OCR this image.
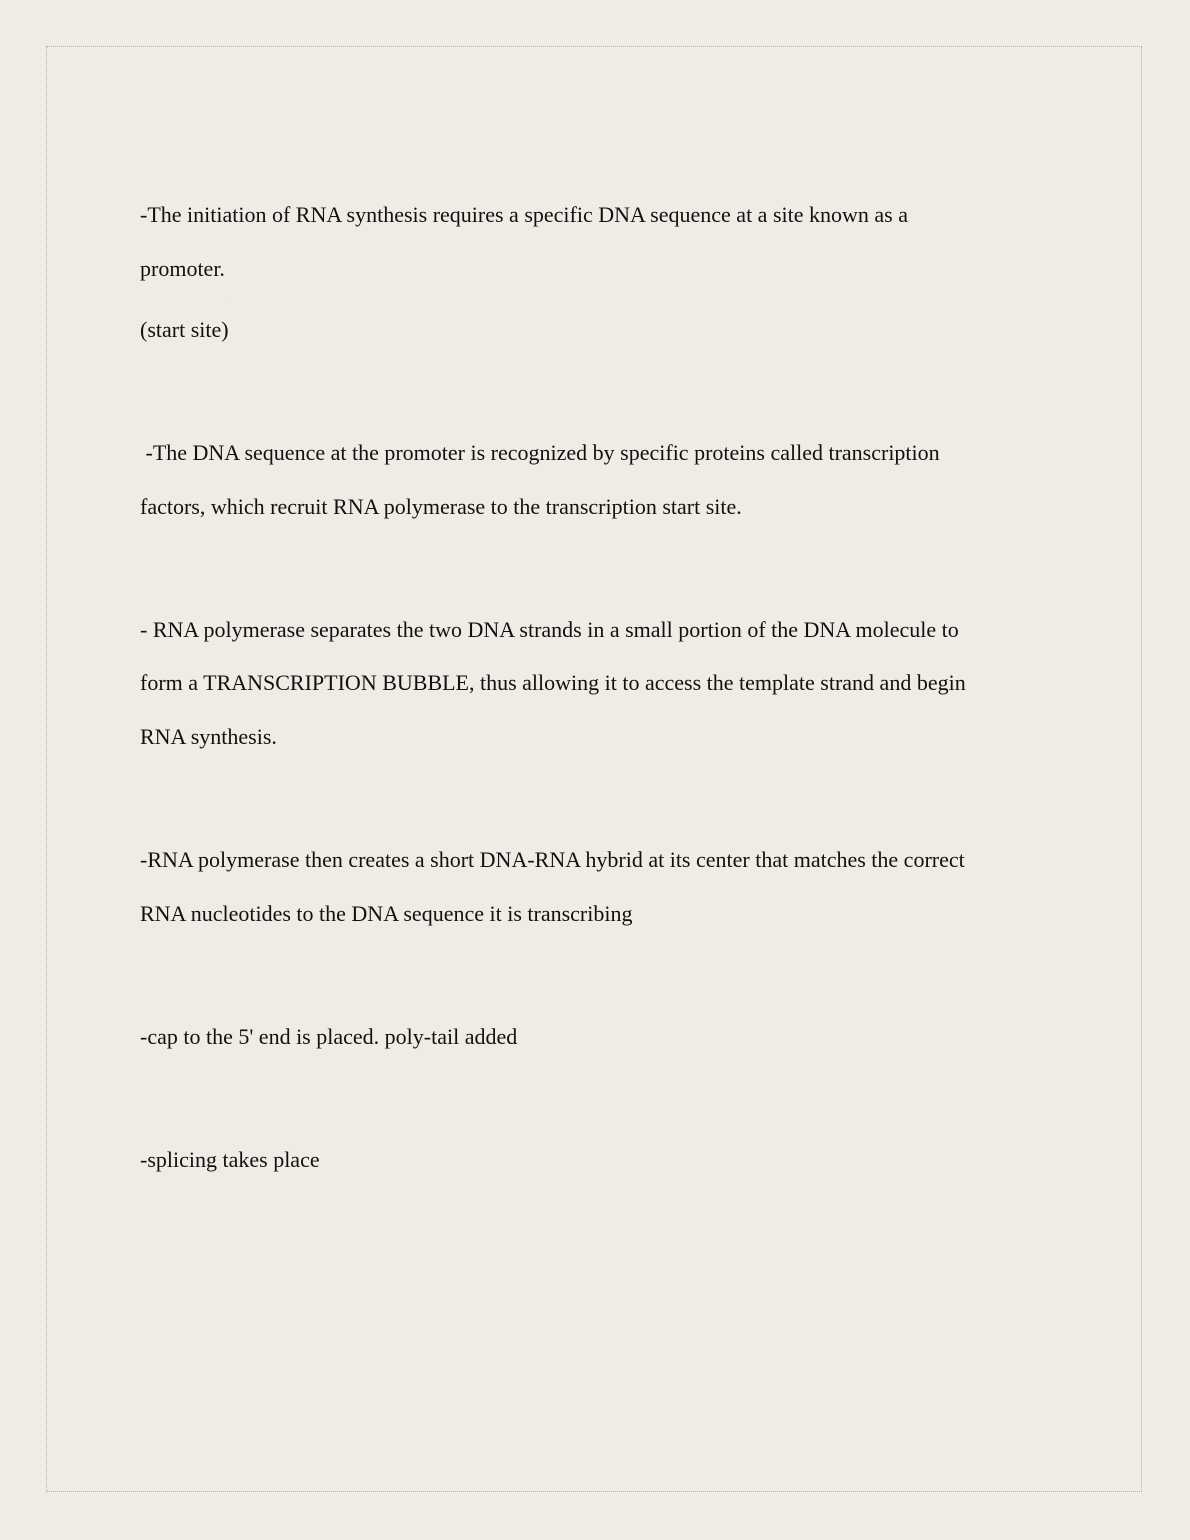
-The initiation of RNA synthesis requires a specific DNA sequence at a site known as a
promoter.
(start site)
-The DNA sequence at the promoter is recognized by specific proteins called transcription
factors, which recruit RNA polymerase to the transcription start site.
- RNA polymerase separates the two DNA strands in a small portion of the DNA molecule to
form a TRANSCRIPTION BUBBLE, thus allowing it to access the template strand and begin
RNA synthesis.
-RNA polymerase then creates a short DNA-RNA hybrid at its center that matches the correct
RNA nucleotides to the DNA sequence it is transcribing
-cap to the 5' end is placed. poly-tail added
-splicing takes place
